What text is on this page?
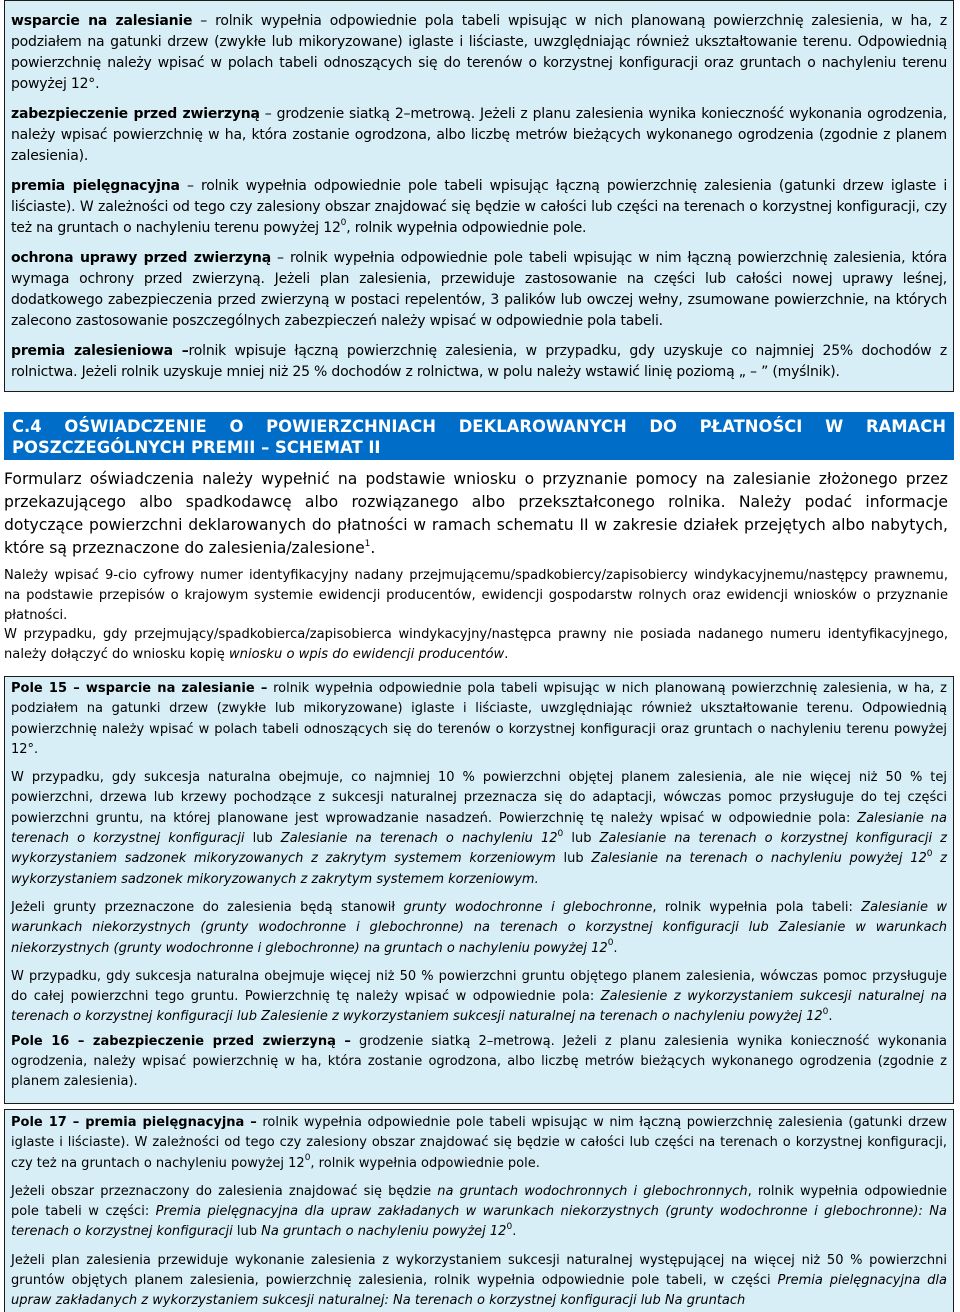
wsparcie na zalesianie – rolnik wypełnia odpowiednie pola tabeli wpisując w nich planowaną powierzchnię zalesienia, w ha, z podziałem na gatunki drzew (zwykłe lub mikoryzowane) iglaste i liściaste, uwzględniając również ukształtowanie terenu. Odpowiednią powierzchnię należy wpisać w polach tabeli odnoszących się do terenów o korzystnej konfiguracji oraz gruntach o nachyleniu terenu powyżej 12°.

zabezpieczenie przed zwierzyną – grodzenie siatką 2–metrową. Jeżeli z planu zalesienia wynika konieczność wykonania ogrodzenia, należy wpisać powierzchnię w ha, która zostanie ogrodzona, albo liczbę metrów bieżących wykonanego ogrodzenia (zgodnie z planem zalesienia).

premia pielęgnacyjna – rolnik wypełnia odpowiednie pole tabeli wpisując łączną powierzchnię zalesienia (gatunki drzew iglaste i liściaste). W zależności od tego czy zalesiony obszar znajdować się będzie w całości lub części na terenach o korzystnej konfiguracji, czy też na gruntach o nachyleniu terenu powyżej $12^0$, rolnik wypełnia odpowiednie pole.

ochrona uprawy przed zwierzyną – rolnik wypełnia odpowiednie pole tabeli wpisując w nim łączną powierzchnię zalesienia, która wymaga ochrony przed zwierzyną. Jeżeli plan zalesienia, przewiduje zastosowanie na części lub całości nowej uprawy leśnej, dodatkowego zabezpieczenia przed zwierzyną w postaci repelentów, 3 palików lub owczej wełny, zsumowane powierzchnie, na których zalecono zastosowanie poszczególnych zabezpieczeń należy wpisać w odpowiednie pola tabeli.

premia zalesieniowa –rolnik wpisuje łączną powierzchnię zalesienia, w przypadku, gdy uzyskuje co najmniej 25% dochodów z rolnictwa. Jeżeli rolnik uzyskuje mniej niż 25 % dochodów z rolnictwa, w polu należy wstawić linię poziomą „ – ” (myślnik).

C.4 OŚWIADCZENIE O POWIERZCHNIACH DEKLAROWANYCH DO PŁATNOŚCI W RAMACH
POSZCZEGÓLNYCH PREMII – SCHEMAT II

Formularz oświadczenia należy wypełnić na podstawie wniosku o przyznanie pomocy na zalesianie złożonego przez przekazującego albo spadkodawcę albo rozwiązanego albo przekształconego rolnika. Należy podać informacje dotyczące powierzchni deklarowanych do płatności w ramach schematu II w zakresie działek przejętych albo nabytych, które są przeznaczone do zalesienia/zalesione$^1$.

Należy wpisać 9-cio cyfrowy numer identyfikacyjny nadany przejmującemu/spadkobiercy/zapisobiercy windykacyjnemu/następcy prawnemu, na podstawie przepisów o krajowym systemie ewidencji producentów, ewidencji gospodarstw rolnych oraz ewidencji wniosków o przyznanie płatności.

W przypadku, gdy przejmujący/spadkobierca/zapisobierca windykacyjny/następca prawny nie posiada nadanego numeru identyfikacyjnego, należy dołączyć do wniosku kopię wniosku o wpis do ewidencji producentów.

Pole 15 – wsparcie na zalesianie – rolnik wypełnia odpowiednie pola tabeli wpisując w nich planowaną powierzchnię zalesienia, w ha, z podziałem na gatunki drzew (zwykłe lub mikoryzowane) iglaste i liściaste, uwzględniając również ukształtowanie terenu. Odpowiednią powierzchnię należy wpisać w polach tabeli odnoszących się do terenów o korzystnej konfiguracji oraz gruntach o nachyleniu terenu powyżej 12°.

W przypadku, gdy sukcesja naturalna obejmuje, co najmniej 10 % powierzchni objętej planem zalesienia, ale nie więcej niż 50 % tej powierzchni, drzewa lub krzewy pochodzące z sukcesji naturalnej przeznacza się do adaptacji, wówczas pomoc przysługuje do tej części powierzchni gruntu, na której planowane jest wprowadzanie nasadzeń. Powierzchnię tę należy wpisać w odpowiednie pola: Zalesianie na terenach o korzystnej konfiguracji lub Zalesianie na terenach o nachyleniu $12^0$ lub Zalesianie na terenach o korzystnej konfiguracji z wykorzystaniem sadzonek mikoryzowanych z zakrytym systemem korzeniowym lub Zalesianie na terenach o nachyleniu powyżej $12^0$ z wykorzystaniem sadzonek mikoryzowanych z zakrytym systemem korzeniowym.

Jeżeli grunty przeznaczone do zalesienia będą stanowił grunty wodochronne i glebochronne, rolnik wypełnia pola tabeli: Zalesianie w warunkach niekorzystnych (grunty wodochronne i glebochronne) na terenach o korzystnej konfiguracji lub Zalesianie w warunkach niekorzystnych (grunty wodochronne i glebochronne) na gruntach o nachyleniu powyżej $12^0$.

W przypadku, gdy sukcesja naturalna obejmuje więcej niż 50 % powierzchni gruntu objętego planem zalesienia, wówczas pomoc przysługuje do całej powierzchni tego gruntu. Powierzchnię tę należy wpisać w odpowiednie pola: Zalesienie z wykorzystaniem sukcesji naturalnej na terenach o korzystnej konfiguracji lub Zalesienie z wykorzystaniem sukcesji naturalnej na terenach o nachyleniu powyżej $12^0$.

Pole 16 – zabezpieczenie przed zwierzyną – grodzenie siatką 2–metrową. Jeżeli z planu zalesienia wynika konieczność wykonania ogrodzenia, należy wpisać powierzchnię w ha, która zostanie ogrodzona, albo liczbę metrów bieżących wykonanego ogrodzenia (zgodnie z planem zalesienia).

Pole 17 – premia pielęgnacyjna – rolnik wypełnia odpowiednie pole tabeli wpisując w nim łączną powierzchnię zalesienia (gatunki drzew iglaste i liściaste). W zależności od tego czy zalesiony obszar znajdować się będzie w całości lub części na terenach o korzystnej konfiguracji, czy też na gruntach o nachyleniu powyżej $12^0$, rolnik wypełnia odpowiednie pole.

Jeżeli obszar przeznaczony do zalesienia znajdować się będzie na gruntach wodochronnych i glebochronnych, rolnik wypełnia odpowiednie pole tabeli w części: Premia pielęgnacyjna dla upraw zakładanych w warunkach niekorzystnych (grunty wodochronne i glebochronne): Na terenach o korzystnej konfiguracji lub Na gruntach o nachyleniu powyżej $12^0$.

Jeżeli plan zalesienia przewiduje wykonanie zalesienia z wykorzystaniem sukcesji naturalnej występującej na więcej niż 50 % powierzchni gruntów objętych planem zalesienia, powierzchnię zalesienia, rolnik wypełnia odpowiednie pole tabeli, w części Premia pielęgnacyjna dla upraw zakładanych z wykorzystaniem sukcesji naturalnej: Na terenach o korzystnej konfiguracji lub Na gruntach
